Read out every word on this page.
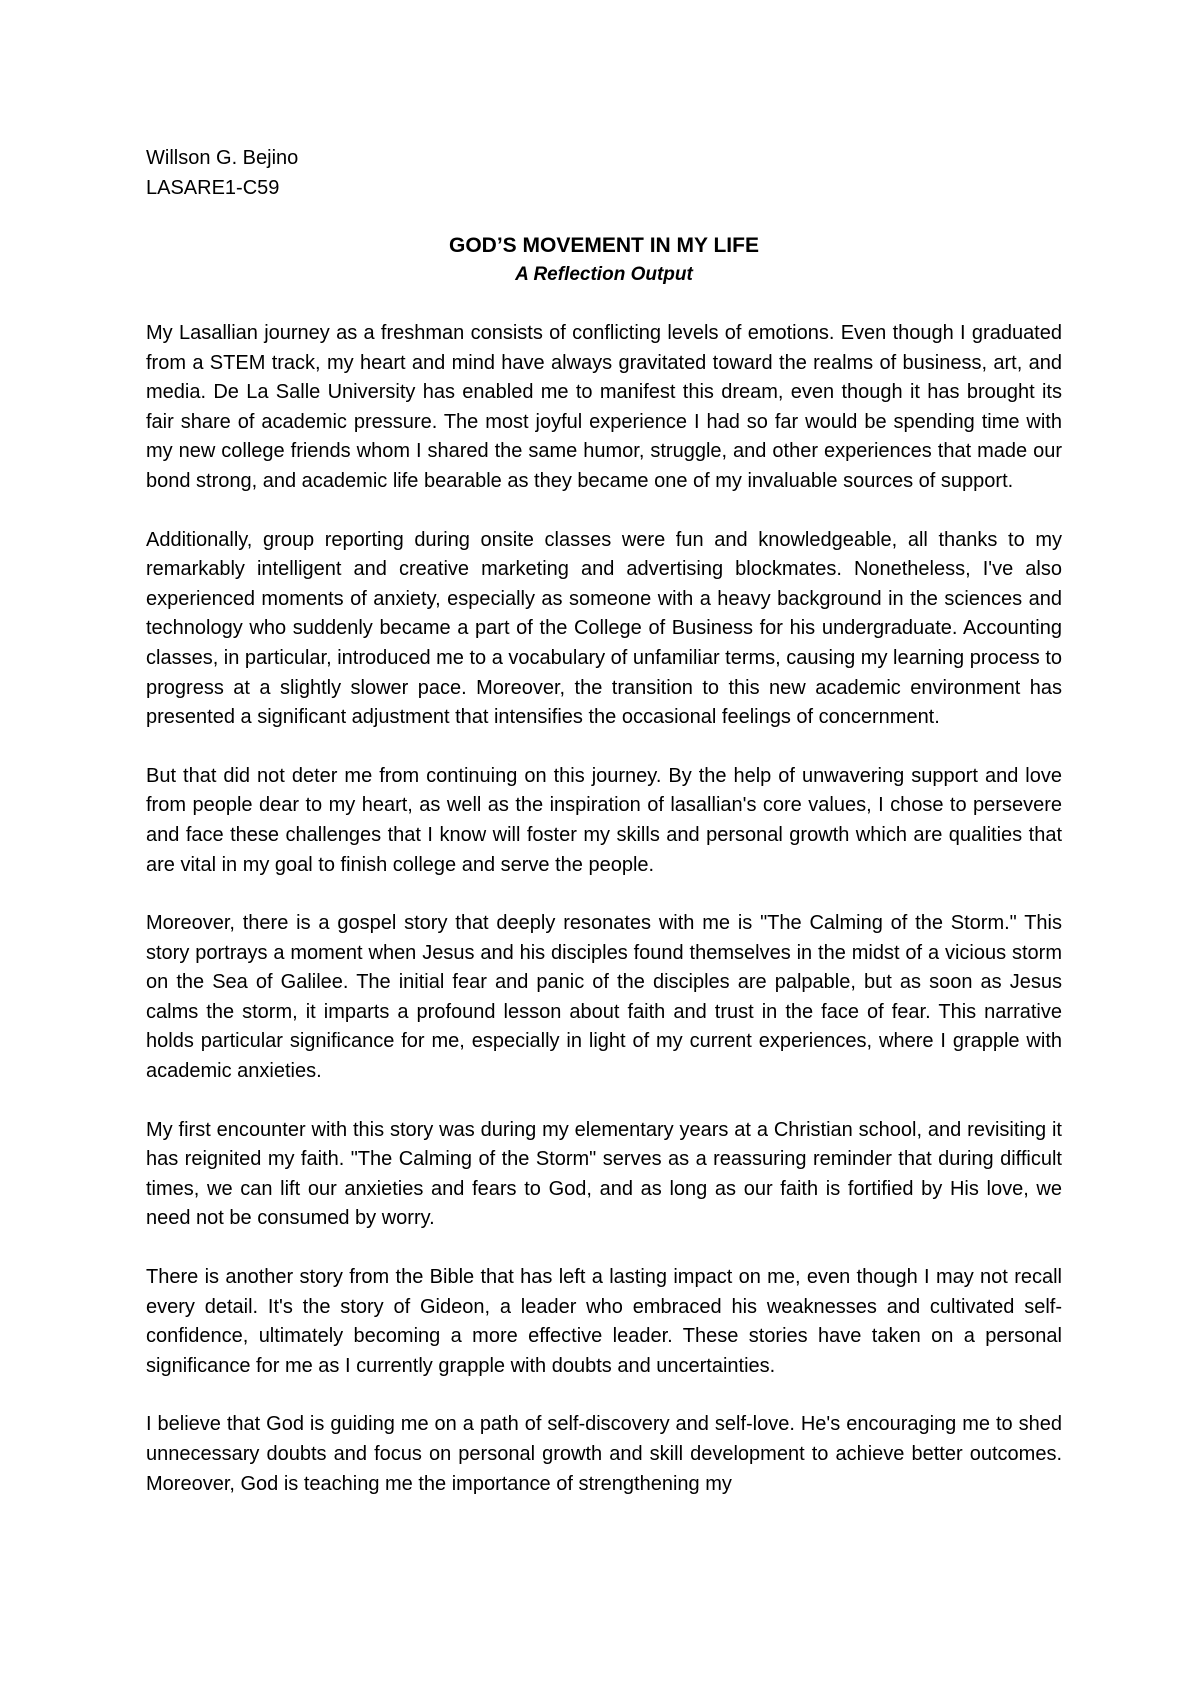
Willson G. Bejino

LASARE1-C59

GOD’S MOVEMENT IN MY LIFE
A Reflection Output

My Lasallian journey as a freshman consists of conflicting levels of emotions. Even though I graduated from a STEM track, my heart and mind have always gravitated toward the realms of business, art, and media. De La Salle University has enabled me to manifest this dream, even though it has brought its fair share of academic pressure. The most joyful experience I had so far would be spending time with my new college friends whom I shared the same humor, struggle, and other experiences that made our bond strong, and academic life bearable as they became one of my invaluable sources of support.

Additionally, group reporting during onsite classes were fun and knowledgeable, all thanks to my remarkably intelligent and creative marketing and advertising blockmates. Nonetheless, I've also experienced moments of anxiety, especially as someone with a heavy background in the sciences and technology who suddenly became a part of the College of Business for his undergraduate. Accounting classes, in particular, introduced me to a vocabulary of unfamiliar terms, causing my learning process to progress at a slightly slower pace. Moreover, the transition to this new academic environment has presented a significant adjustment that intensifies the occasional feelings of concernment.

But that did not deter me from continuing on this journey. By the help of unwavering support and love from people dear to my heart, as well as the inspiration of lasallian's core values, I chose to persevere and face these challenges that I know will foster my skills and personal growth which are qualities that are vital in my goal to finish college and serve the people.

Moreover, there is a gospel story that deeply resonates with me is "The Calming of the Storm." This story portrays a moment when Jesus and his disciples found themselves in the midst of a vicious storm on the Sea of Galilee. The initial fear and panic of the disciples are palpable, but as soon as Jesus calms the storm, it imparts a profound lesson about faith and trust in the face of fear. This narrative holds particular significance for me, especially in light of my current experiences, where I grapple with academic anxieties.

My first encounter with this story was during my elementary years at a Christian school, and revisiting it has reignited my faith. "The Calming of the Storm" serves as a reassuring reminder that during difficult times, we can lift our anxieties and fears to God, and as long as our faith is fortified by His love, we need not be consumed by worry.

There is another story from the Bible that has left a lasting impact on me, even though I may not recall every detail. It's the story of Gideon, a leader who embraced his weaknesses and cultivated self-confidence, ultimately becoming a more effective leader. These stories have taken on a personal significance for me as I currently grapple with doubts and uncertainties.

I believe that God is guiding me on a path of self-discovery and self-love. He's encouraging me to shed unnecessary doubts and focus on personal growth and skill development to achieve better outcomes. Moreover, God is teaching me the importance of strengthening my
